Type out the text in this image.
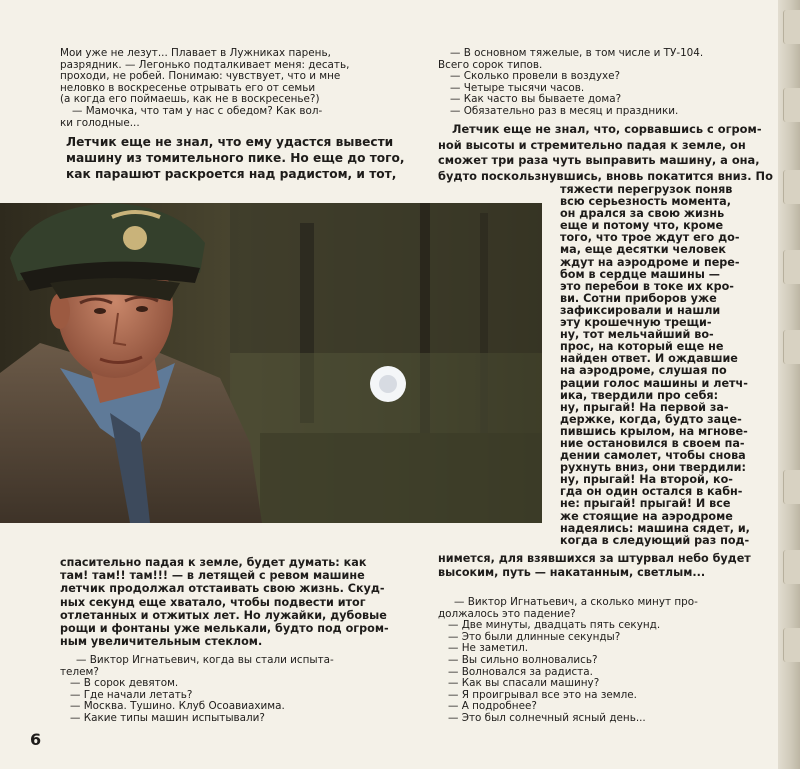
Мои уже не лезут... Плавает в Лужниках парень,
разрядник. — Легонько подталкивает меня: десать,
проходи, не робей. Понимаю: чувствует, что и мне
неловко в воскресенье отрывать его от семьи
(а когда его поймаешь, как не в воскресенье?)
— Мамочка, что там у нас с обедом? Как вол-
ки голодные...
Летчик еще не знал, что ему удастся вывести
машину из томительного пике. Но еще до того,
как парашют раскроется над радистом, и тот,
спасительно падая к земле, будет думать: как
там! там!! там!!! — в летящей с ревом машине
летчик продолжал отстаивать свою жизнь. Скуд-
ных секунд еще хватало, чтобы подвести итог
отлетанных и отжитых лет. Но лужайки, дубовые
рощи и фонтаны уже мелькали, будто под огром-
ным увеличительным стеклом.
— Виктор Игнатьевич, когда вы стали испыта-
телем?
— В сорок девятом.
— Где начали летать?
— Москва. Тушино. Клуб Осоавиахима.
— Какие типы машин испытывали?
— В основном тяжелые, в том числе и ТУ-104.
Всего сорок типов.
— Сколько провели в воздухе?
— Четыре тысячи часов.
— Как часто вы бываете дома?
— Обязательно раз в месяц и праздники.
Летчик еще не знал, что, сорвавшись с огром-
ной высоты и стремительно падая к земле, он
сможет три раза чуть выправить машину, а она,
будто поскользнувшись, вновь покатится вниз. По
тяжести перегрузок поняв
всю серьезность момента,
он дрался за свою жизнь
еще и потому что, кроме
того, что трое ждут его до-
ма, еще десятки человек
ждут на аэродроме и пере-
бом в сердце машины —
это перебои в токе их кро-
ви. Сотни приборов уже
зафиксировали и нашли
эту крошечную трещи-
ну, тот мельчайший во-
прос, на который еще не
найден ответ. И ождавшие
на аэродроме, слушая по
рации голос машины и летч-
ика, твердили про себя:
ну, прыгай! На первой за-
держке, когда, будто заце-
пившись крылом, на мгнове-
ние остановился в своем па-
дении самолет, чтобы снова
рухнуть вниз, они твердили:
ну, прыгай! На второй, ко-
гда он один остался в кабн-
не: прыгай! прыгай! И все
же стоящие на аэродроме
надеялись: машина сядет, и,
когда в следующий раз под-
нимется, для взявшихся за штурвал небо будет
высоким, путь — накатанным, светлым...
— Виктор Игнатьевич, а сколько минут про-
должалось это падение?
— Две минуты, двадцать пять секунд.
— Это были длинные секунды?
— Не заметил.
— Вы сильно волновались?
— Волновался за радиста.
— Как вы спасали машину?
— Я проигрывал все это на земле.
— А подробнее?
— Это был солнечный ясный день...
6
